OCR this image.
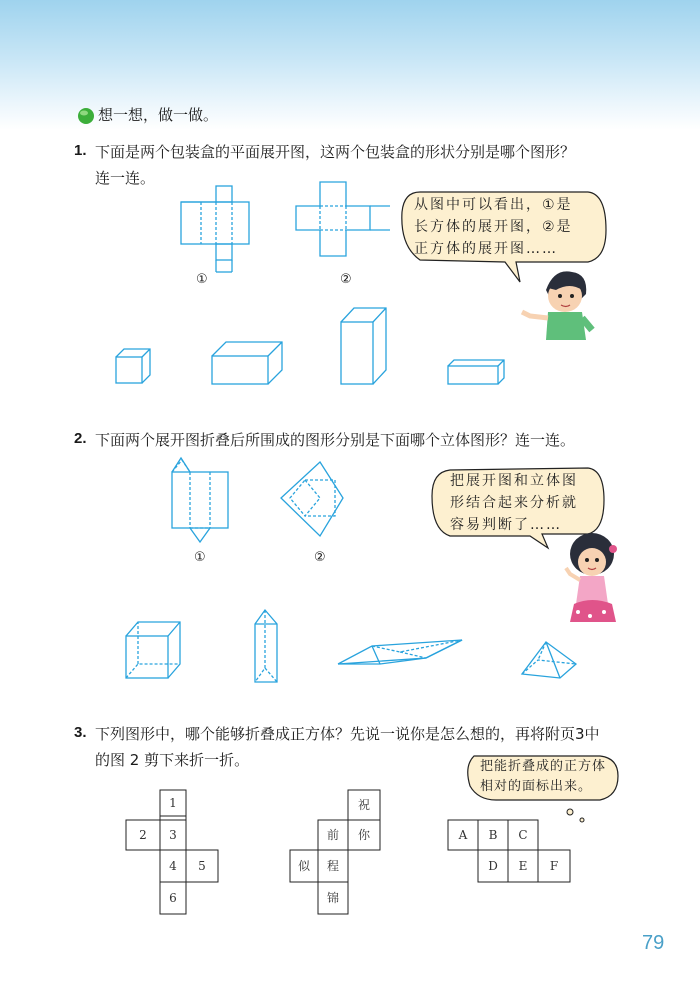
想一想，做一做。
1. 下面是两个包装盒的平面展开图，这两个包装盒的形状分别是哪个图形？
连一连。
①	②
从图中可以看出，①是
长方体的展开图，②是
正方体的展开图……
2. 下面两个展开图折叠后所围成的图形分别是下面哪个立体图形？连一连。
①	②
把展开图和立体图
形结合起来分析就
容易判断了……
3. 下列图形中，哪个能够折叠成正方体？先说一说你是怎么想的，再将附页3中
的图 2 剪下来折一折。	把能折叠成的正方体
相对的面标出来。
1
2	3
4	5
6
祝
前	你
似	程
锦
A	B	C
D	E	F
79
